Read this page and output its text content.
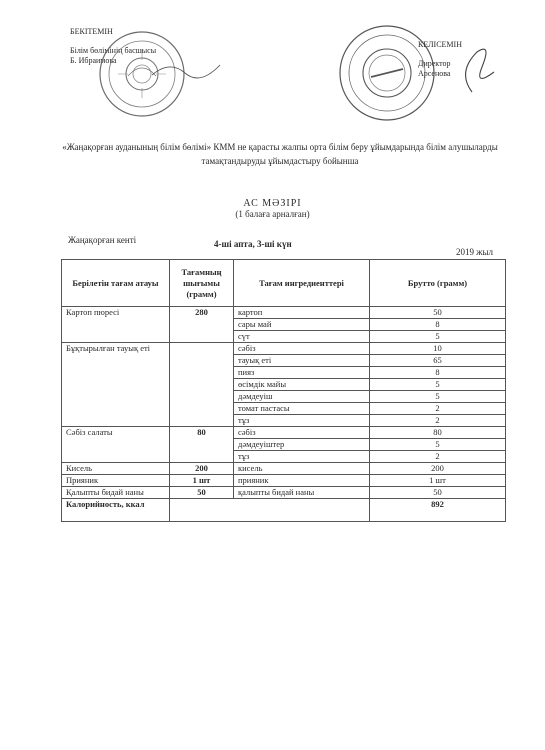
БЕКІТЕМІН
Білім бөлімінің басшысы
Б. Ибраимова
КЕЛІСЕМІН
Директор
Арсенова
«Жаңақорған ауданының білім бөлімі» КММ не қарасты жалпы орта білім беру ұйымдарында білім алушыларды тамақтандыруды ұйымдастыру бойынша
АС МӘЗІРІ
(1 балаға арналған)
Жаңақорған кенті	4-ші апта, 3-ші күн
2019 жыл
Берілетін тағам атауы	Тағамның шығымы (грамм)	Тағам ингредиенттері	Брутто (грамм)
Картоп пюресі	280	картоп	50
		сары май	8
		сүт	5
Бұқтырылған тауық еті		сәбіз	10
		тауық еті	65
		пияз	8
		өсімдік майы	5
		дәмдеуіш	5
		томат пастасы	2
		тұз	2
Сәбіз салаты	80	сәбіз	80
		дәмдеуіштер	5
		тұз	2
Кисель	200	кисель	200
Прияник	1 шт	прияник	1 шт
Қалыпты бидай наны	50	қалыпты бидай наны	50
Калорийность, ккал			892
